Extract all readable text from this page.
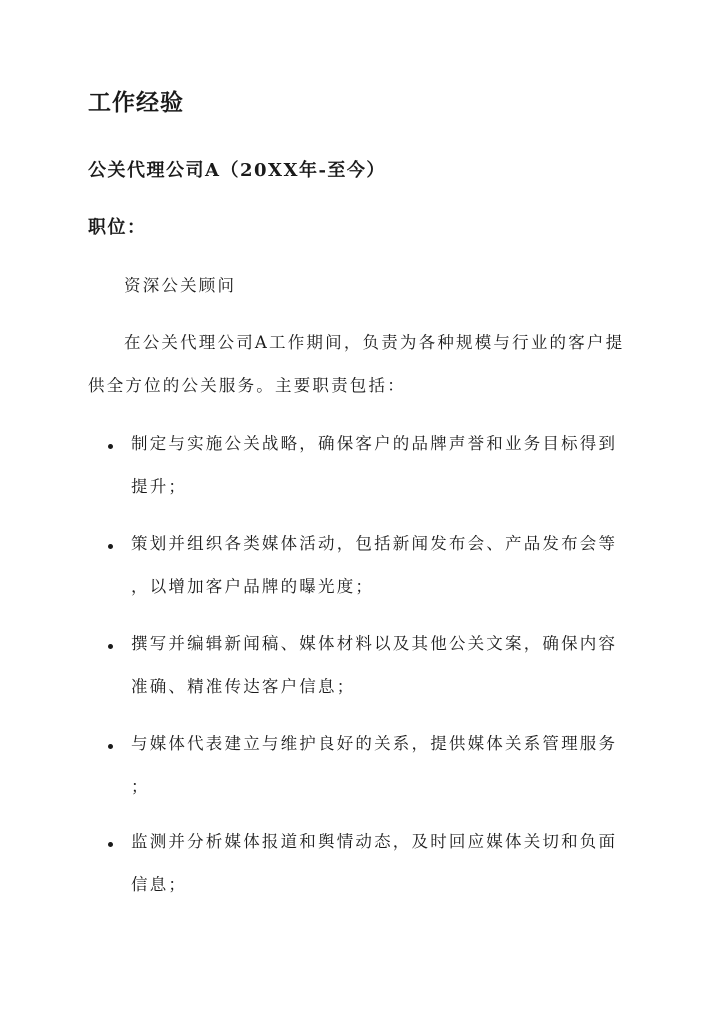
工作经验
公关代理公司A（20XX年-至今）
职位：
资深公关顾问
在公关代理公司A工作期间，负责为各种规模与行业的客户提
供全方位的公关服务。主要职责包括：
制定与实施公关战略，确保客户的品牌声誉和业务目标得到
提升；
策划并组织各类媒体活动，包括新闻发布会、产品发布会等
，以增加客户品牌的曝光度；
撰写并编辑新闻稿、媒体材料以及其他公关文案，确保内容
准确、精准传达客户信息；
与媒体代表建立与维护良好的关系，提供媒体关系管理服务
；
监测并分析媒体报道和舆情动态，及时回应媒体关切和负面
信息；
